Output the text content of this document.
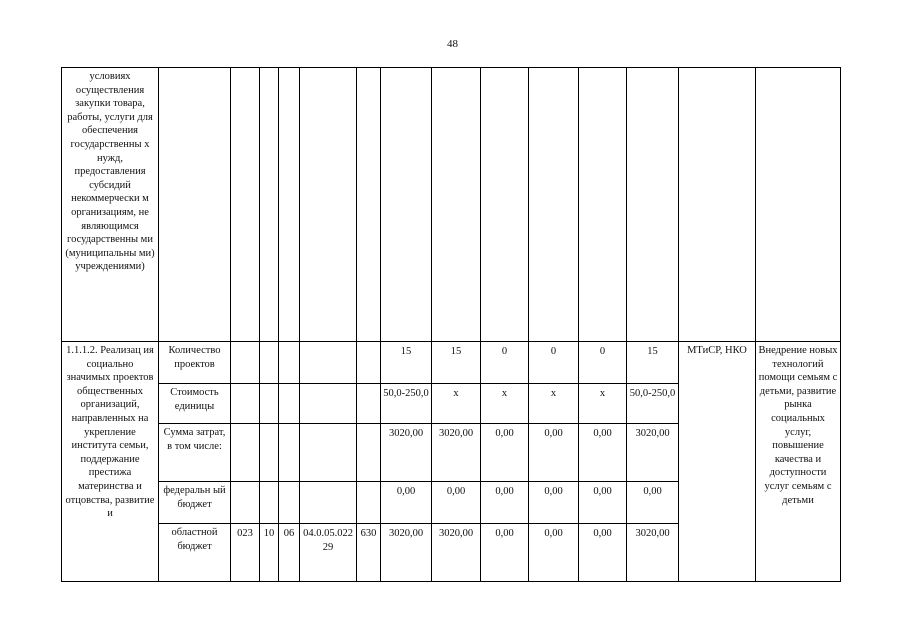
48
условиях осуществления закупки товара, работы, услуги для обеспечения государственны х нужд, предоставления субсидий некоммерчески м организациям, не являющимся государственны ми (муниципальны ми) учреждениями)														
1.1.1.2. Реализац ия социально значимых проектов общественных организаций, направленных на укрепление института семьи, поддержание престижа материнства и отцовства, развитие и	Количество проектов						15	15	0	0	0	15	МТиСР, НКО	Внедрение новых технологий помощи семьям с детьми, развитие рынка социальных услуг, повышение качества и доступности услуг семьям с детьми
	Стоимость единицы						50,0-250,0	х	х	х	х	50,0-250,0		
	Сумма затрат, в том числе:						3020,00	3020,00	0,00	0,00	0,00	3020,00		
	федеральн ый бюджет						0,00	0,00	0,00	0,00	0,00	0,00		
	областной бюджет	023	10	06	04.0.05.02229	630	3020,00	3020,00	0,00	0,00	0,00	3020,00		
